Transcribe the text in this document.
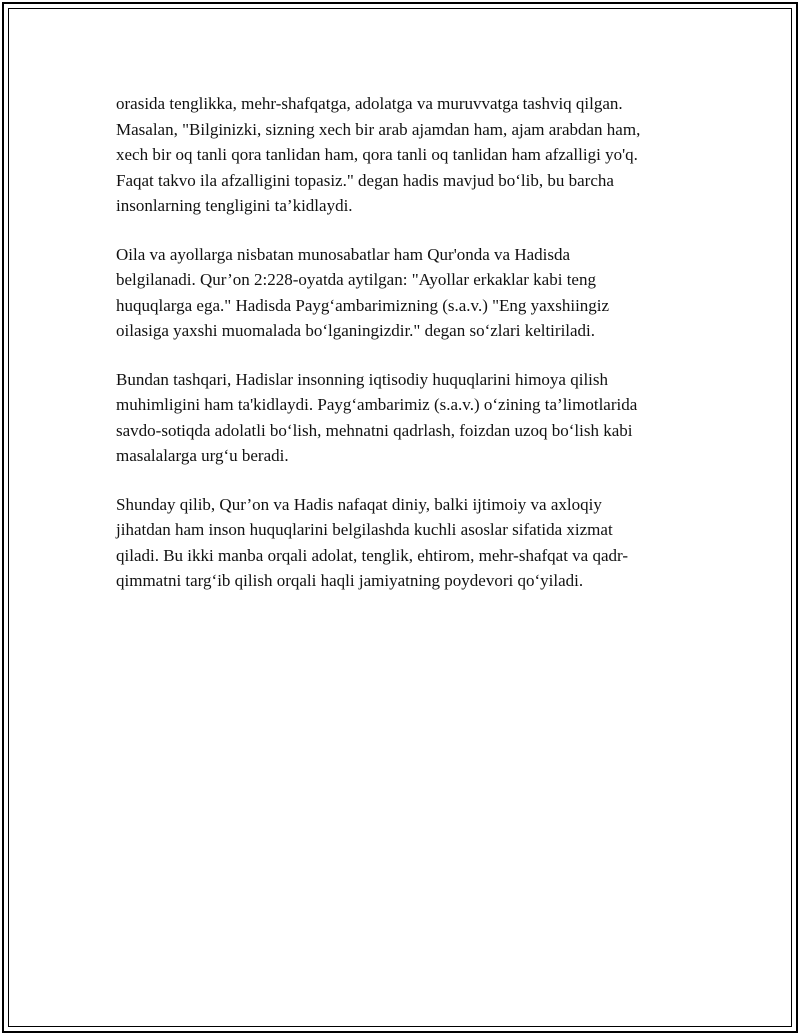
orasida tenglikka, mehr-shafqatga, adolatga va muruvvatga tashviq qilgan.
Masalan, "Bilginizki, sizning xech bir arab ajamdan ham, ajam arabdan ham,
xech bir oq tanli qora tanlidan ham, qora tanli oq tanlidan ham afzalligi yo'q.
Faqat takvo ila afzalligini topasiz." degan hadis mavjud bo‘lib, bu barcha
insonlarning tengligini ta’kidlaydi.

Oila va ayollarga nisbatan munosabatlar ham Qur'onda va Hadisda
belgilanadi. Qur’on 2:228-oyatda aytilgan: "Ayollar erkaklar kabi teng
huquqlarga ega." Hadisda Payg‘ambarimizning (s.a.v.) "Eng yaxshiingiz
oilasiga yaxshi muomalada bo‘lganingizdir." degan so‘zlari keltiriladi.

Bundan tashqari, Hadislar insonning iqtisodiy huquqlarini himoya qilish
muhimligini ham ta'kidlaydi. Payg‘ambarimiz (s.a.v.) o‘zining ta’limotlarida
savdo-sotiqda adolatli bo‘lish, mehnatni qadrlash, foizdan uzoq bo‘lish kabi
masalalarga urg‘u beradi.

Shunday qilib, Qur’on va Hadis nafaqat diniy, balki ijtimoiy va axloqiy
jihatdan ham inson huquqlarini belgilashda kuchli asoslar sifatida xizmat
qiladi. Bu ikki manba orqali adolat, tenglik, ehtirom, mehr-shafqat va qadr-
qimmatni targ‘ib qilish orqali haqli jamiyatning poydevori qo‘yiladi.
